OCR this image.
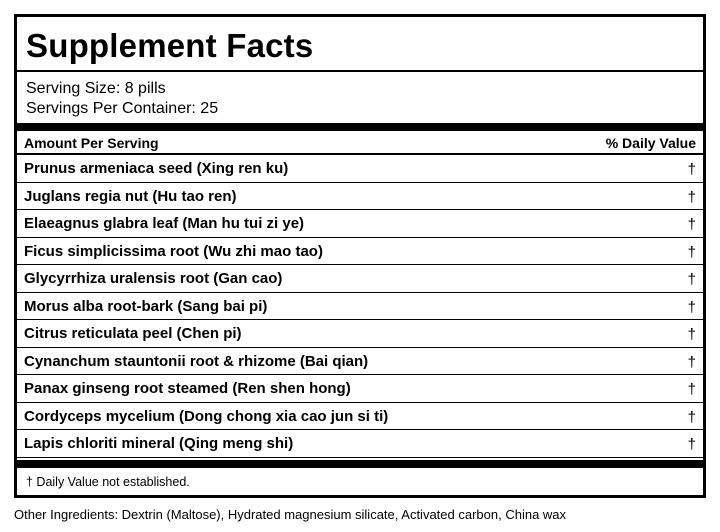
Supplement Facts
Serving Size: 8 pills
Servings Per Container: 25
Amount Per Serving	% Daily Value
Prunus armeniaca seed (Xing ren ku)	†
Juglans regia nut (Hu tao ren)	†
Elaeagnus glabra leaf (Man hu tui zi ye)	†
Ficus simplicissima root (Wu zhi mao tao)	†
Glycyrrhiza uralensis root (Gan cao)	†
Morus alba root-bark (Sang bai pi)	†
Citrus reticulata peel (Chen pi)	†
Cynanchum stauntonii root & rhizome (Bai qian)	†
Panax ginseng root steamed (Ren shen hong)	†
Cordyceps mycelium (Dong chong xia cao jun si ti)	†
Lapis chloriti mineral (Qing meng shi)	†
† Daily Value not established.
Other Ingredients: Dextrin (Maltose), Hydrated magnesium silicate, Activated carbon, China wax
